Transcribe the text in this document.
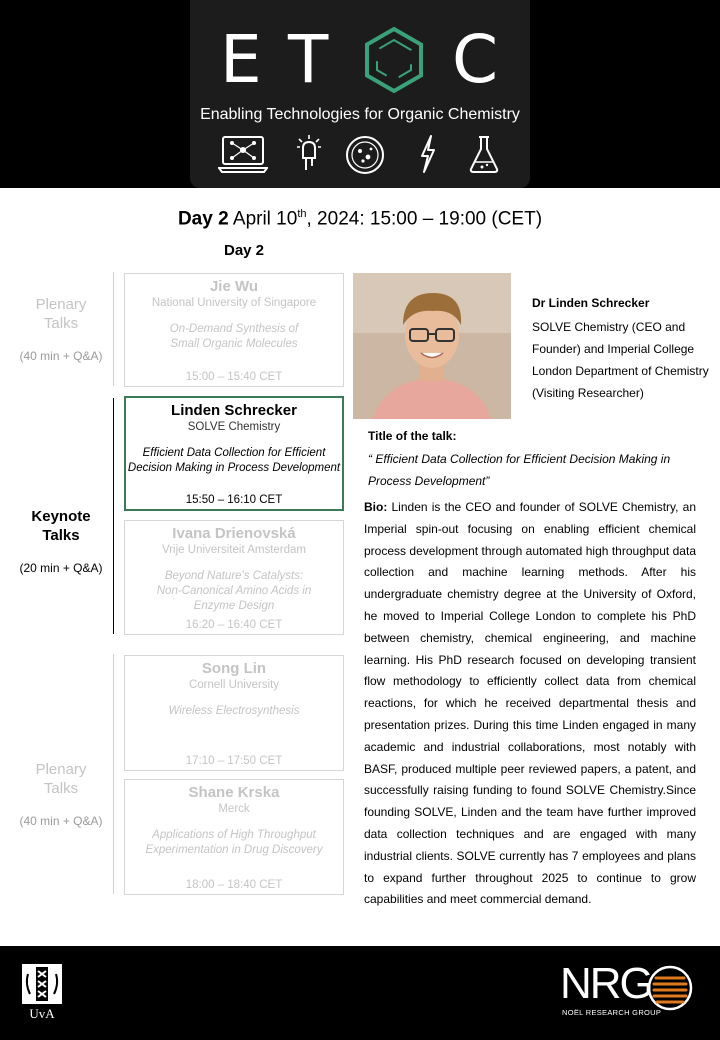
E T C
Enabling Technologies for Organic Chemistry
Day 2 April 10th, 2024: 15:00 – 19:00 (CET)
Day 2
Plenary Talks
(40 min + Q&A)
Keynote Talks
(20 min + Q&A)
Plenary Talks
(40 min + Q&A)
Jie Wu
National University of Singapore
On-Demand Synthesis of
Small Organic Molecules
15:00 – 15:40 CET
Linden Schrecker
SOLVE Chemistry
Efficient Data Collection for Efficient
Decision Making in Process Development
15:50 – 16:10 CET
Ivana Drienovská
Vrije Universiteit Amsterdam
Beyond Nature's Catalysts:
Non-Canonical Amino Acids in
Enzyme Design
16:20 – 16:40 CET
Song Lin
Cornell University
Wireless Electrosynthesis
17:10 – 17:50 CET
Shane Krska
Merck
Applications of High Throughput
Experimentation in Drug Discovery
18:00 – 18:40 CET
Dr Linden Schrecker
SOLVE Chemistry (CEO and Founder) and Imperial College London Department of Chemistry (Visiting Researcher)
Title of the talk:
“ Efficient Data Collection for Efficient Decision Making in Process Development”
Bio: Linden is the CEO and founder of SOLVE Chemistry, an Imperial spin-out focusing on enabling efficient chemical process development through automated high throughput data collection and machine learning methods. After his undergraduate chemistry degree at the University of Oxford, he moved to Imperial College London to complete his PhD between chemistry, chemical engineering, and machine learning. His PhD research focused on developing transient flow methodology to efficiently collect data from chemical reactions, for which he received departmental thesis and presentation prizes. During this time Linden engaged in many academic and industrial collaborations, most notably with BASF, produced multiple peer reviewed papers, a patent, and successfully raising funding to found SOLVE Chemistry.Since founding SOLVE, Linden and the team have further improved data collection techniques and are engaged with many industrial clients. SOLVE currently has 7 employees and plans to expand further throughout 2025 to continue to grow capabilities and meet commercial demand.
UvA
NRG
NOËL RESEARCH GROUP
